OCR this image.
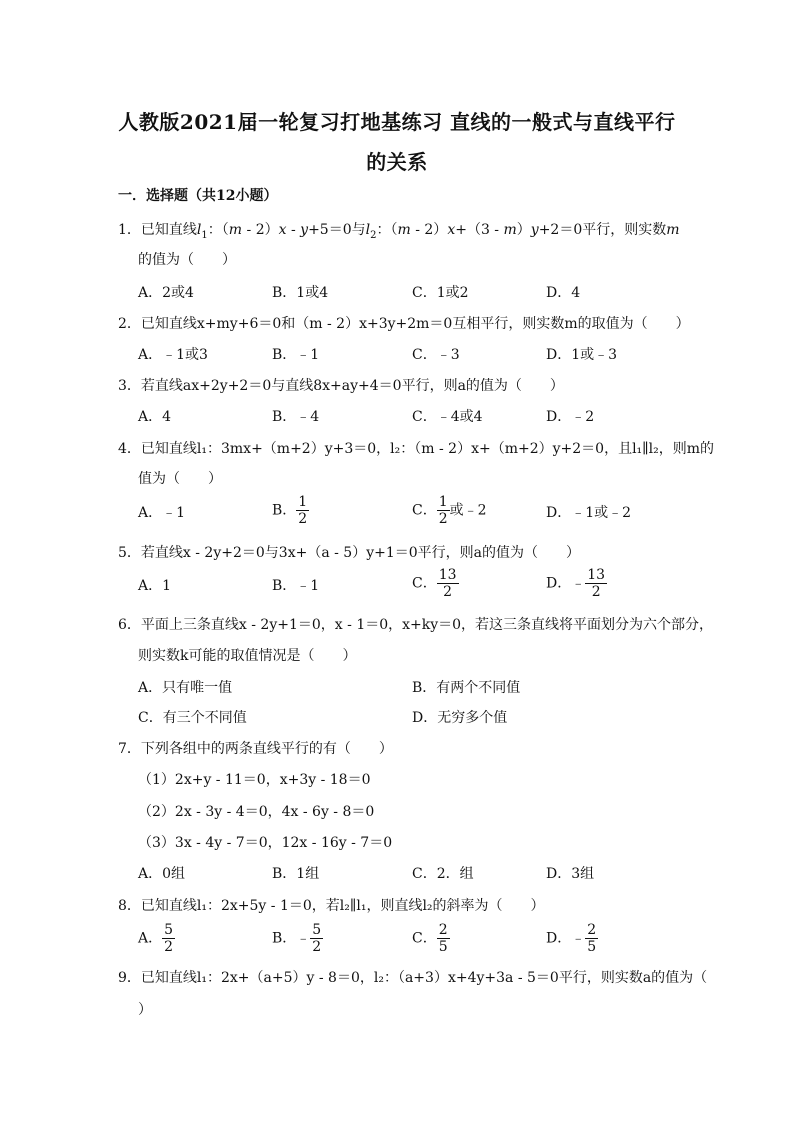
人教版2021届一轮复习打地基练习 直线的一般式与直线平行
的关系
一．选择题（共12小题）
1．已知直线$l_1$：（m - 2）x - y+5＝0与$l_2$：（m - 2）x+（3 - m）y+2＝0平行，则实数m
的值为（　　）
A．2或4	B．1或4	C．1或2	D．4
2．已知直线x+my+6＝0和（m - 2）x+3y+2m＝0互相平行，则实数m的取值为（　　）
A．﹣1或3	B．﹣1	C．﹣3	D．1或﹣3
3．若直线ax+2y+2＝0与直线8x+ay+4＝0平行，则a的值为（　　）
A．4	B．﹣4	C．﹣4或4	D．﹣2
4．已知直线l₁：3mx+（m+2）y+3＝0，l₂：（m - 2）x+（m+2）y+2＝0，且l₁∥l₂，则m的
值为（　　）
A．﹣1	B． $\frac{1}{2}$	C． $\frac{1}{2}$ 或﹣2	D．﹣1或﹣2
5．若直线x - 2y+2＝0与3x+（a - 5）y+1＝0平行，则a的值为（　　）
A．1	B．﹣1	C． $\frac{13}{2}$	D．﹣ $\frac{13}{2}$
6．平面上三条直线x - 2y+1＝0，x - 1＝0，x+ky＝0，若这三条直线将平面划分为六个部分，
则实数k可能的取值情况是（　　）
A．只有唯一值	B．有两个不同值
C．有三个不同值	D．无穷多个值
7．下列各组中的两条直线平行的有（　　）
（1）2x+y - 11＝0，x+3y - 18＝0
（2）2x - 3y - 4＝0，4x - 6y - 8＝0
（3）3x - 4y - 7＝0，12x - 16y - 7＝0
A．0组	B．1组	C．2．组	D．3组
8．已知直线l₁：2x+5y - 1＝0，若l₂∥l₁，则直线l₂的斜率为（　　）
A． $\frac{5}{2}$	B．﹣ $\frac{5}{2}$	C． $\frac{2}{5}$	D．﹣ $\frac{2}{5}$
9．已知直线l₁：2x+（a+5）y - 8＝0，l₂：（a+3）x+4y+3a - 5＝0平行，则实数a的值为（
）
